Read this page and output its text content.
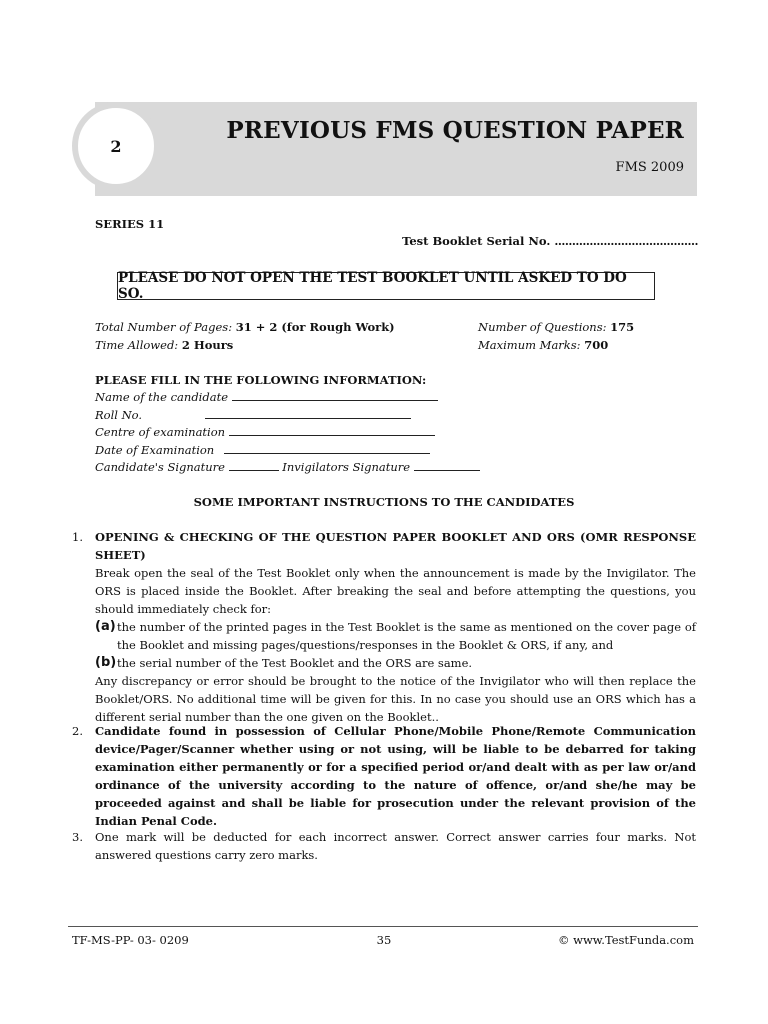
2
PREVIOUS FMS QUESTION PAPER
FMS 2009
SERIES 11
Test Booklet Serial No. .........................................
PLEASE DO NOT OPEN THE TEST BOOKLET UNTIL ASKED TO DO SO.
Total Number of Pages: 31 + 2 (for Rough Work)
Time Allowed: 2 Hours
Number of Questions: 175
Maximum Marks: 700
PLEASE FILL IN THE FOLLOWING INFORMATION:
Name of the candidate
Roll No.
Centre of examination
Date of Examination
Candidate's Signature	Invigilators Signature
SOME IMPORTANT INSTRUCTIONS TO THE CANDIDATES
1. OPENING & CHECKING OF THE QUESTION PAPER BOOKLET AND ORS (OMR RESPONSE SHEET)
Break open the seal of the Test Booklet only when the announcement is made by the Invigilator. The ORS is placed inside the Booklet. After breaking the seal and before attempting the questions, you should immediately check for:
(a) the number of the printed pages in the Test Booklet is the same as mentioned on the cover page of the Booklet and missing pages/questions/responses in the Booklet & ORS, if any, and
(b) the serial number of the Test Booklet and the ORS are same.
Any discrepancy or error should be brought to the notice of the Invigilator who will then replace the Booklet/ORS. No additional time will be given for this. In no case you should use an ORS which has a different serial number than the one given on the Booklet..
2. Candidate found in possession of Cellular Phone/Mobile Phone/Remote Communication device/Pager/Scanner whether using or not using, will be liable to be debarred for taking examination either permanently or for a specified period or/and dealt with as per law or/and ordinance of the university according to the nature of offence, or/and she/he may be proceeded against and shall be liable for prosecution under the relevant provision of the Indian Penal Code.
3. One mark will be deducted for each incorrect answer. Correct answer carries four marks. Not answered questions carry zero marks.
TF-MS-PP- 03- 0209	35	© www.TestFunda.com
